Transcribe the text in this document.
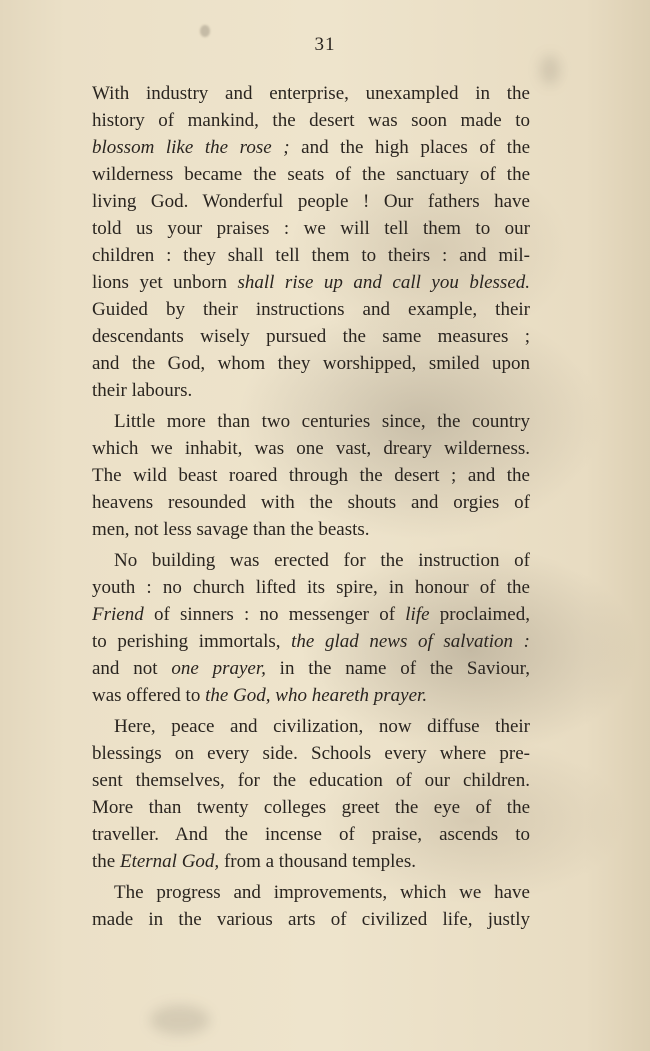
31

With industry and enterprise, unexampled in the
history of mankind, the desert was soon made to
blossom like the rose ; and the high places of the
wilderness became the seats of the sanctuary of the
living God. Wonderful people ! Our fathers have
told us your praises : we will tell them to our
children : they shall tell them to theirs : and mil-
lions yet unborn shall rise up and call you blessed.
Guided by their instructions and example, their
descendants wisely pursued the same measures ;
and the God, whom they worshipped, smiled upon
their labours.
Little more than two centuries since, the country
which we inhabit, was one vast, dreary wilderness.
The wild beast roared through the desert ; and the
heavens resounded with the shouts and orgies of
men, not less savage than the beasts.
No building was erected for the instruction of
youth : no church lifted its spire, in honour of the
Friend of sinners : no messenger of life proclaimed,
to perishing immortals, the glad news of salvation :
and not one prayer, in the name of the Saviour,
was offered to the God, who heareth prayer.
Here, peace and civilization, now diffuse their
blessings on every side. Schools every where pre-
sent themselves, for the education of our children.
More than twenty colleges greet the eye of the
traveller. And the incense of praise, ascends to
the Eternal God, from a thousand temples.
The progress and improvements, which we have
made in the various arts of civilized life, justly
